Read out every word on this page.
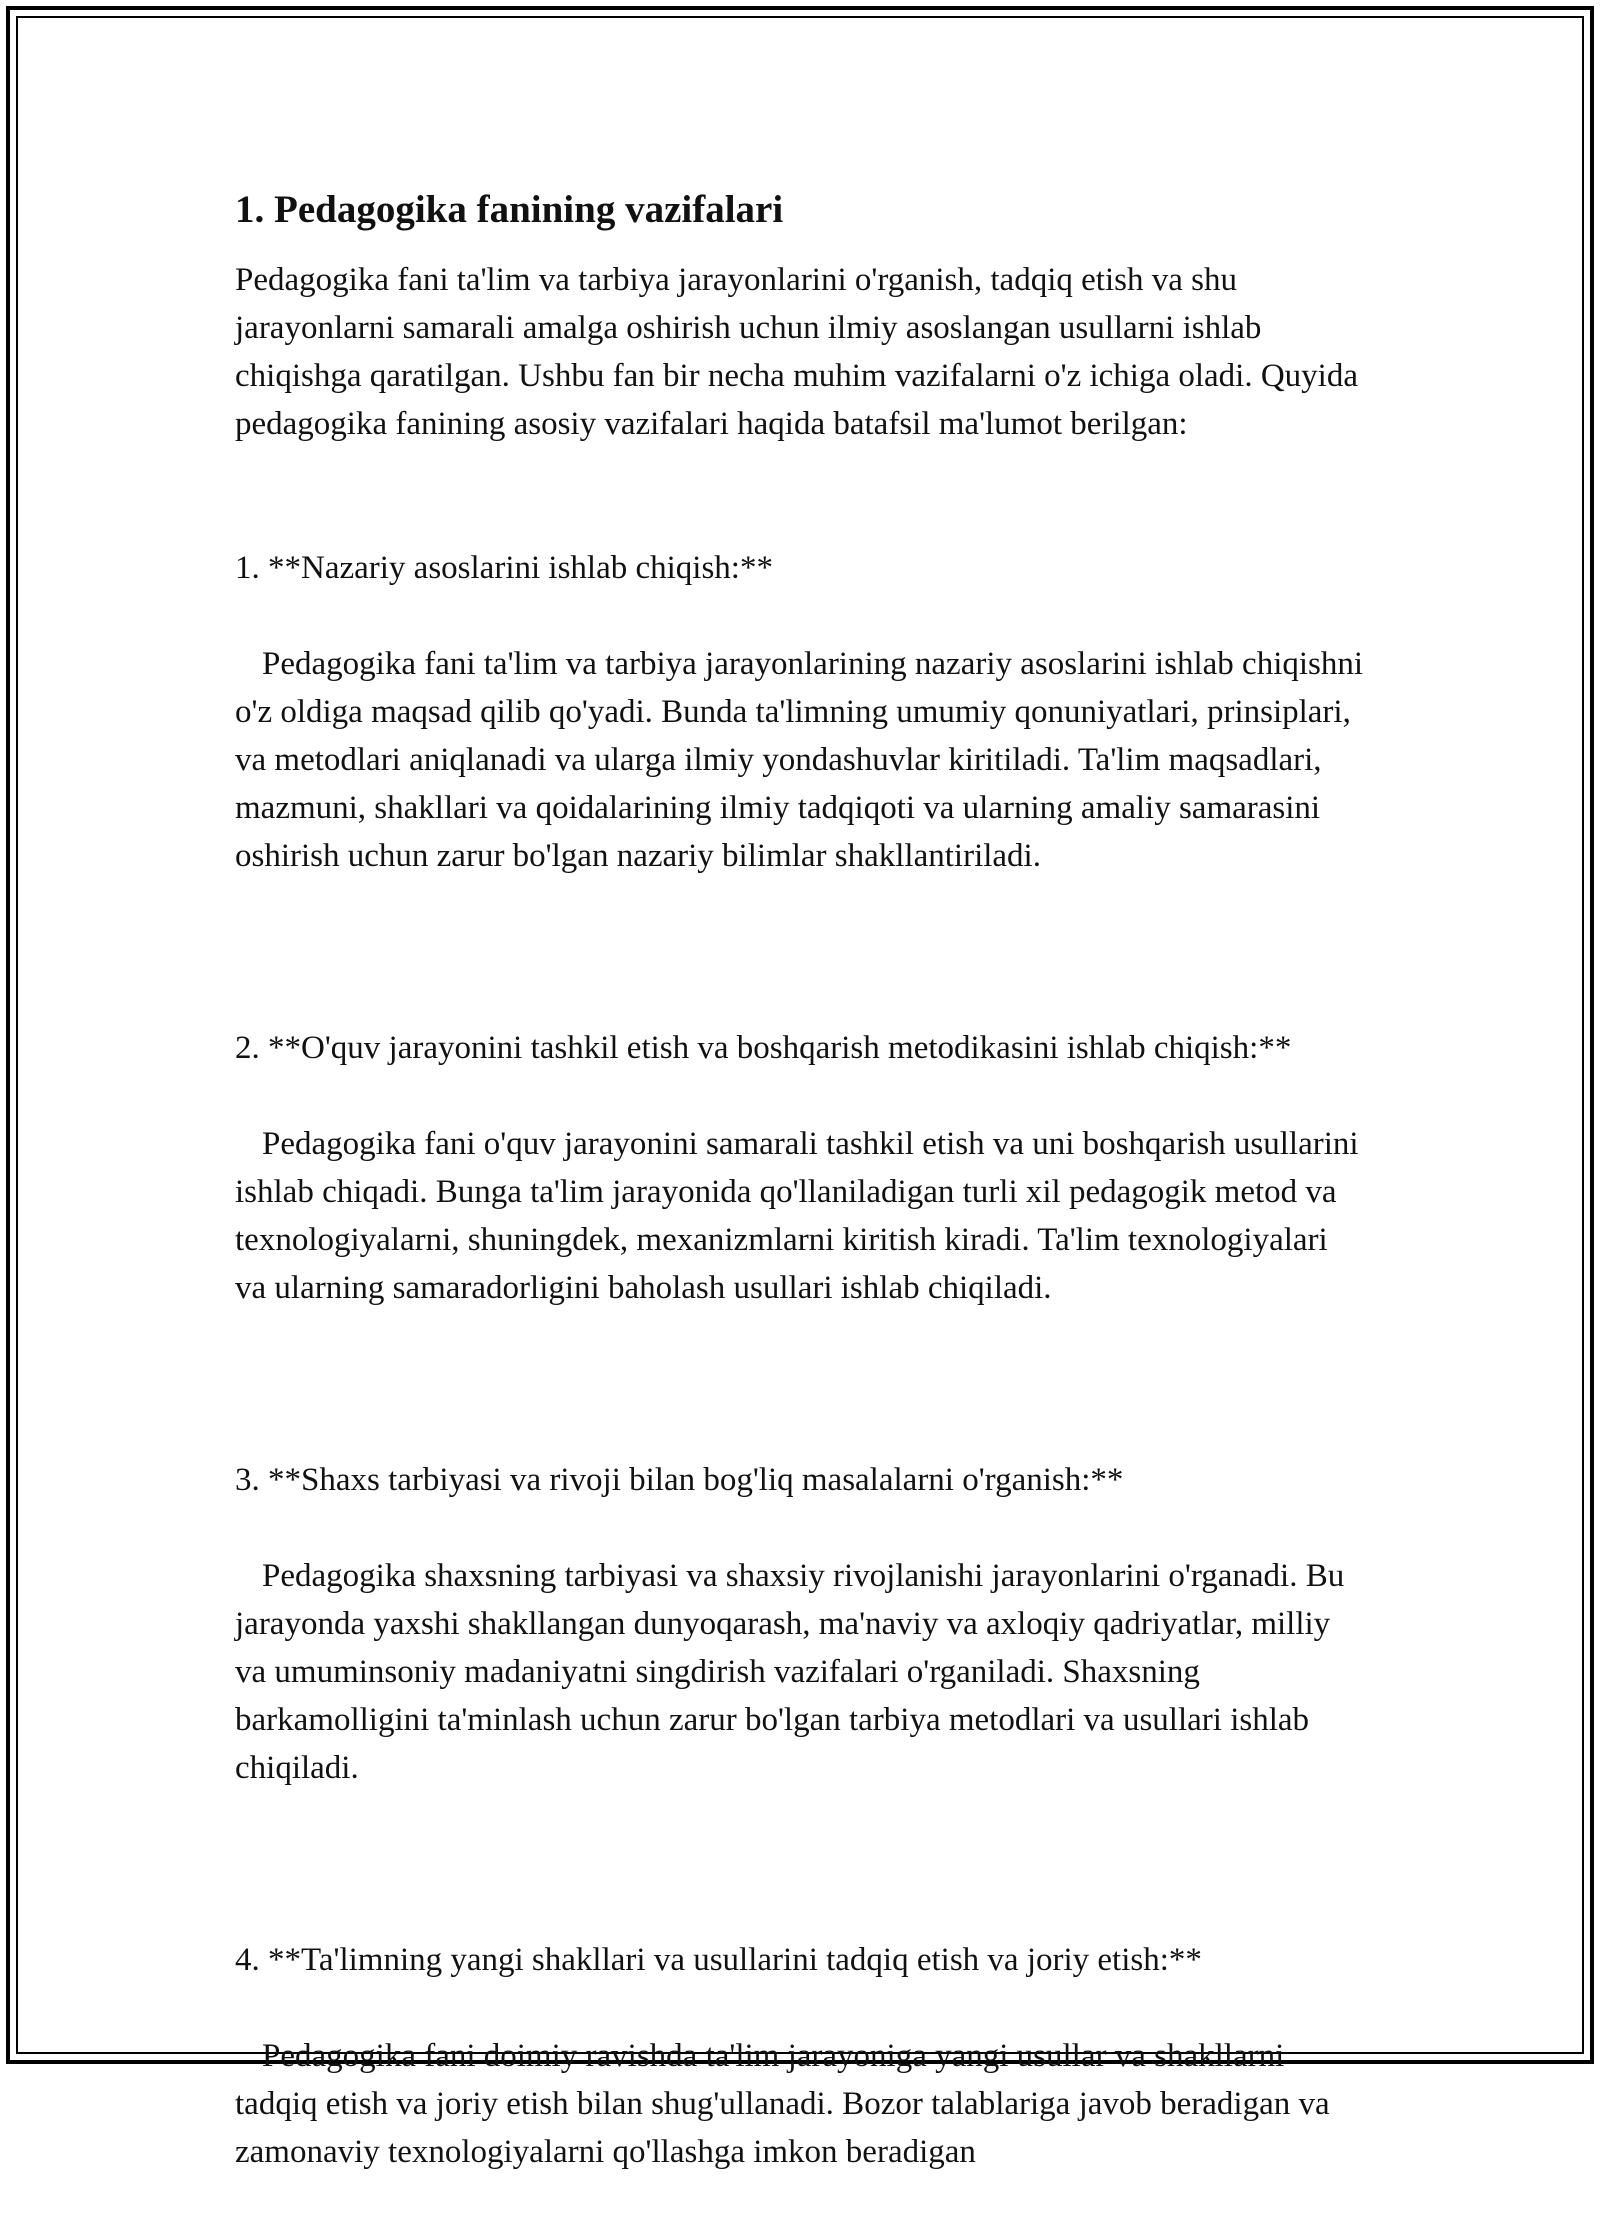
1. Pedagogika fanining vazifalari

Pedagogika fani ta'lim va tarbiya jarayonlarini o'rganish, tadqiq etish va shu jarayonlarni samarali amalga oshirish uchun ilmiy asoslangan usullarni ishlab chiqishga qaratilgan. Ushbu fan bir necha muhim vazifalarni o'z ichiga oladi. Quyida pedagogika fanining asosiy vazifalari haqida batafsil ma'lumot berilgan:

1. **Nazariy asoslarini ishlab chiqish:**

Pedagogika fani ta'lim va tarbiya jarayonlarining nazariy asoslarini ishlab chiqishni o'z oldiga maqsad qilib qo'yadi. Bunda ta'limning umumiy qonuniyatlari, prinsiplari, va metodlari aniqlanadi va ularga ilmiy yondashuvlar kiritiladi. Ta'lim maqsadlari, mazmuni, shakllari va qoidalarining ilmiy tadqiqoti va ularning amaliy samarasini oshirish uchun zarur bo'lgan nazariy bilimlar shakllantiriladi.

2. **O'quv jarayonini tashkil etish va boshqarish metodikasini ishlab chiqish:**

Pedagogika fani o'quv jarayonini samarali tashkil etish va uni boshqarish usullarini ishlab chiqadi. Bunga ta'lim jarayonida qo'llaniladigan turli xil pedagogik metod va texnologiyalarni, shuningdek, mexanizmlarni kiritish kiradi. Ta'lim texnologiyalari va ularning samaradorligini baholash usullari ishlab chiqiladi.

3. **Shaxs tarbiyasi va rivoji bilan bog'liq masalalarni o'rganish:**

Pedagogika shaxsning tarbiyasi va shaxsiy rivojlanishi jarayonlarini o'rganadi. Bu jarayonda yaxshi shakllangan dunyoqarash, ma'naviy va axloqiy qadriyatlar, milliy va umuminsoniy madaniyatni singdirish vazifalari o'rganiladi. Shaxsning barkamolligini ta'minlash uchun zarur bo'lgan tarbiya metodlari va usullari ishlab chiqiladi.

4. **Ta'limning yangi shakllari va usullarini tadqiq etish va joriy etish:**

Pedagogika fani doimiy ravishda ta'lim jarayoniga yangi usullar va shakllarni tadqiq etish va joriy etish bilan shug'ullanadi. Bozor talablariga javob beradigan va zamonaviy texnologiyalarni qo'llashga imkon beradigan
